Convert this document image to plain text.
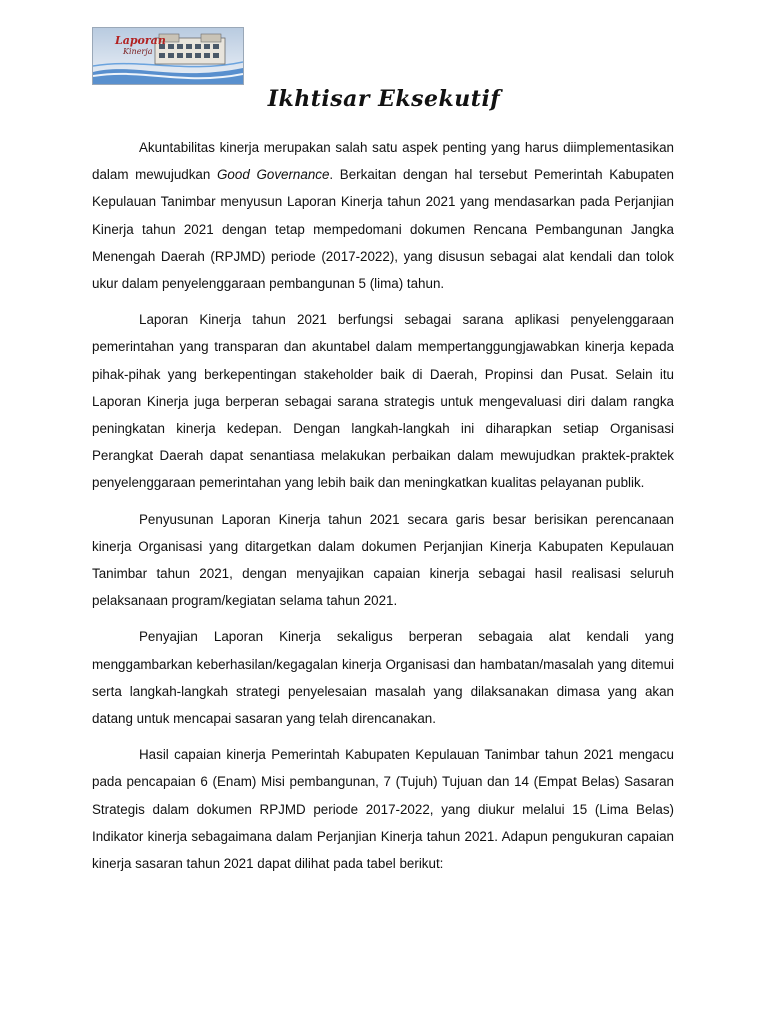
Laporan
Kinerja
Ikhtisar Eksekutif

Akuntabilitas kinerja merupakan salah satu aspek penting yang harus diimplementasikan dalam mewujudkan Good Governance. Berkaitan dengan hal tersebut Pemerintah Kabupaten Kepulauan Tanimbar menyusun Laporan Kinerja tahun 2021 yang mendasarkan pada Perjanjian Kinerja tahun 2021 dengan tetap mempedomani dokumen Rencana Pembangunan Jangka Menengah Daerah (RPJMD) periode (2017-2022), yang disusun sebagai alat kendali dan tolok ukur dalam penyelenggaraan pembangunan 5 (lima) tahun.

Laporan Kinerja tahun 2021 berfungsi sebagai sarana aplikasi penyelenggaraan pemerintahan yang transparan dan akuntabel dalam mempertanggungjawabkan kinerja kepada pihak-pihak yang berkepentingan stakeholder baik di Daerah, Propinsi dan Pusat. Selain itu Laporan Kinerja juga berperan sebagai sarana strategis untuk mengevaluasi diri dalam rangka peningkatan kinerja kedepan. Dengan langkah-langkah ini diharapkan setiap Organisasi Perangkat Daerah dapat senantiasa melakukan perbaikan dalam mewujudkan praktek-praktek penyelenggaraan pemerintahan yang lebih baik dan meningkatkan kualitas pelayanan publik.

Penyusunan Laporan Kinerja tahun 2021 secara garis besar berisikan perencanaan kinerja Organisasi yang ditargetkan dalam dokumen Perjanjian Kinerja Kabupaten Kepulauan Tanimbar tahun 2021, dengan menyajikan capaian kinerja sebagai hasil realisasi seluruh pelaksanaan program/kegiatan selama tahun 2021.

Penyajian Laporan Kinerja sekaligus berperan sebagaia alat kendali yang menggambarkan keberhasilan/kegagalan kinerja Organisasi dan hambatan/masalah yang ditemui serta langkah-langkah strategi penyelesaian masalah yang dilaksanakan dimasa yang akan datang untuk mencapai sasaran yang telah direncanakan.

Hasil capaian kinerja Pemerintah Kabupaten Kepulauan Tanimbar tahun 2021 mengacu pada pencapaian 6 (Enam) Misi pembangunan, 7 (Tujuh) Tujuan dan 14 (Empat Belas) Sasaran Strategis dalam dokumen RPJMD periode 2017-2022, yang diukur melalui 15 (Lima Belas) Indikator kinerja sebagaimana dalam Perjanjian Kinerja tahun 2021. Adapun pengukuran capaian kinerja sasaran tahun 2021 dapat dilihat pada tabel berikut:
